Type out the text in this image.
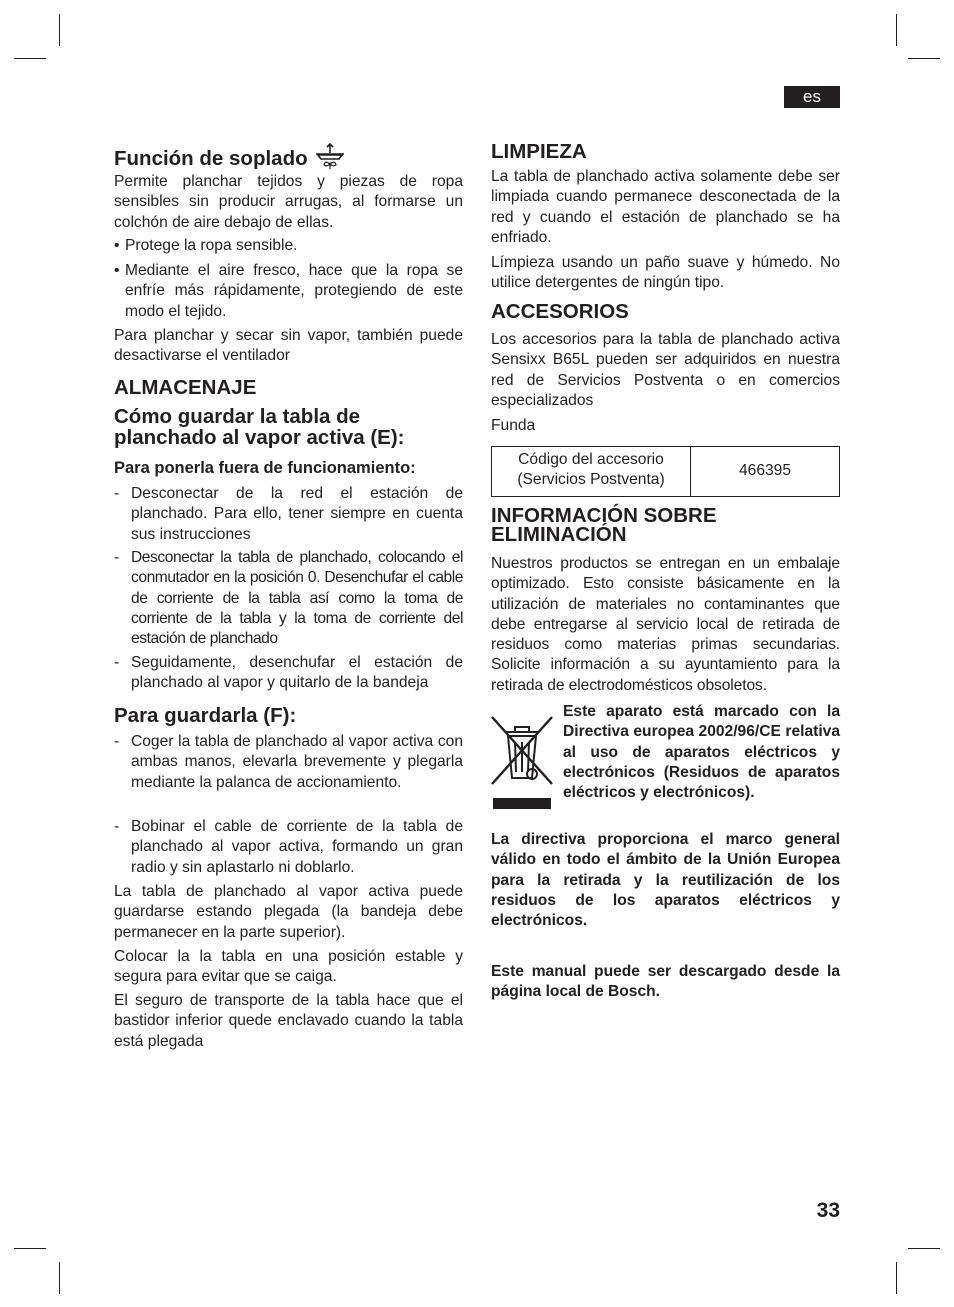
es
Función de soplado

Permite planchar tejidos y piezas de ropa sensibles sin producir arrugas, al formarse un colchón de aire debajo de ellas.

• Protege la ropa sensible.
• Mediante el aire fresco, hace que la ropa se enfríe más rápidamente, protegiendo de este modo el tejido.

Para planchar y secar sin vapor, también puede desactivarse el ventilador

ALMACENAJE
Cómo guardar la tabla de planchado al vapor activa (E):
Para ponerla fuera de funcionamiento:
- Desconectar de la red el estación de planchado. Para ello, tener siempre en cuenta sus instrucciones
- Desconectar la tabla de planchado, colocando el conmutador en la posición 0. Desenchufar el cable de corriente de la tabla así como la toma de corriente de la tabla y la toma de corriente del estación de planchado
- Seguidamente, desenchufar el estación de planchado al vapor y quitarlo de la bandeja
Para guardarla (F):
- Coger la tabla de planchado al vapor activa con ambas manos, elevarla brevemente y plegarla mediante la palanca de accionamiento.
- Bobinar el cable de corriente de la tabla de planchado al vapor activa, formando un gran radio y sin aplastarlo ni doblarlo.

La tabla de planchado al vapor activa puede guardarse estando plegada (la bandeja debe permanecer en la parte superior).

Colocar la la tabla en una posición estable y segura para evitar que se caiga.

El seguro de transporte de la tabla hace que el bastidor inferior quede enclavado cuando la tabla está plegada

LIMPIEZA

La tabla de planchado activa solamente debe ser limpiada cuando permanece desconectada de la red y cuando el estación de planchado se ha enfriado.

Límpieza usando un paño suave y húmedo. No utilice detergentes de ningún tipo.

ACCESORIOS

Los accesorios para la tabla de planchado activa Sensixx B65L pueden ser adquiridos en nuestra red de Servicios Postventa o en comercios especializados

Funda

Código del accesorio
(Servicios Postventa)
466395
INFORMACIÓN SOBRE
ELIMINACIÓN

Nuestros productos se entregan en un embalaje optimizado. Esto consiste básicamente en la utilización de materiales no contaminantes que debe entregarse al servicio local de retirada de residuos como materias primas secundarias. Solicite información a su ayuntamiento para la retirada de electrodomésticos obsoletos.

Este aparato está marcado con la Directiva europea 2002/96/CE relativa al uso de aparatos eléctricos y electrónicos (Residuos de aparatos eléctricos y electrónicos).

La directiva proporciona el marco general válido en todo el ámbito de la Unión Europea para la retirada y la reutilización de los residuos de los aparatos eléctricos y electrónicos.

Este manual puede ser descargado desde la página local de Bosch.

33
